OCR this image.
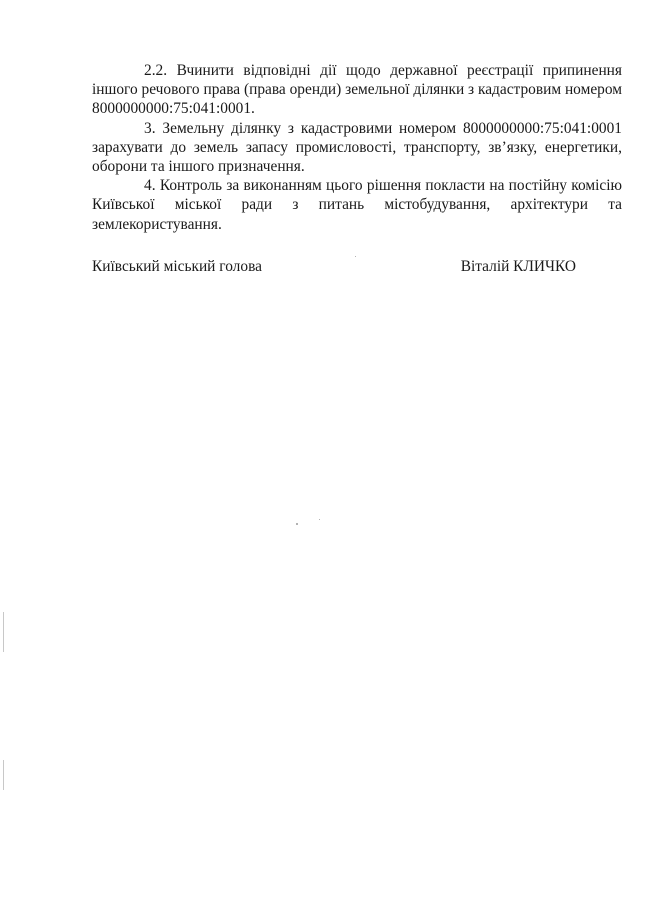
2.2. Вчинити відповідні дії щодо державної реєстрації припинення іншого речового права (права оренди) земельної ділянки з кадастровим номером 8000000000:75:041:0001.

3. Земельну ділянку з кадастровими номером 8000000000:75:041:0001 зарахувати до земель запасу промисловості, транспорту, зв’язку, енергетики, оборони та іншого призначення.

4. Контроль за виконанням цього рішення покласти на постійну комісію Київської міської ради з питань містобудування, архітектури та землекористування.

Київський міський голова	Віталій КЛИЧКО
